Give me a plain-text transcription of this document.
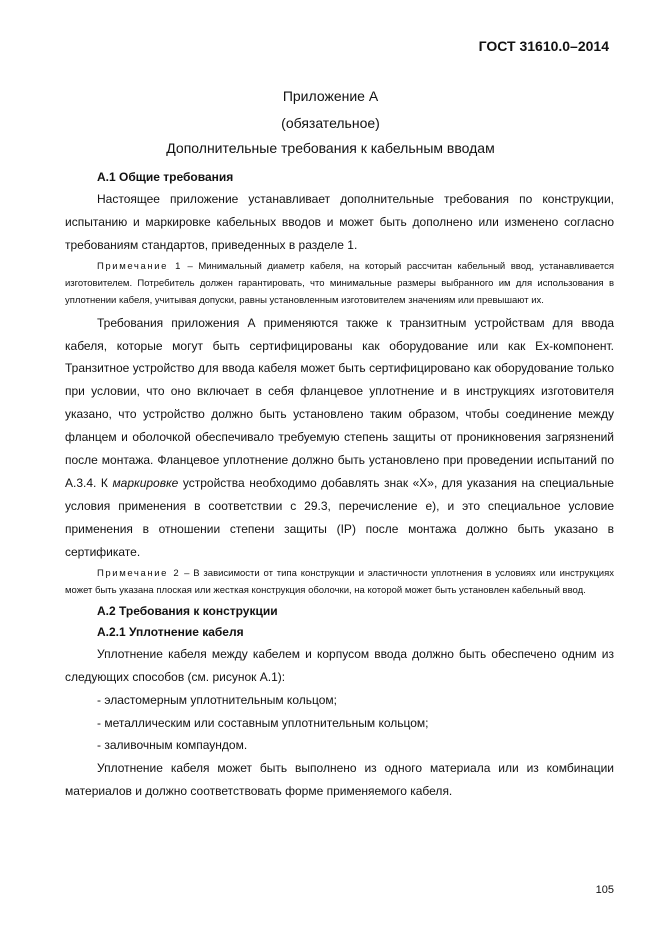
ГОСТ 31610.0–2014
Приложение А
(обязательное)
Дополнительные требования к кабельным вводам
А.1 Общие требования

Настоящее приложение устанавливает дополнительные требования по конструкции, испытанию и маркировке кабельных вводов и может быть дополнено или изменено согласно требованиям стандартов, приведенных в разделе 1.

Примечание 1 – Минимальный диаметр кабеля, на который рассчитан кабельный ввод, устанавливается изготовителем. Потребитель должен гарантировать, что минимальные размеры выбранного им для использования в уплотнении кабеля, учитывая допуски, равны установленным изготовителем значениям или превышают их.

Требования приложения А применяются также к транзитным устройствам для ввода кабеля, которые могут быть сертифицированы как оборудование или как Ex-компонент. Транзитное устройство для ввода кабеля может быть сертифицировано как оборудование только при условии, что оно включает в себя фланцевое уплотнение и в инструкциях изготовителя указано, что устройство должно быть установлено таким образом, чтобы соединение между фланцем и оболочкой обеспечивало требуемую степень защиты от проникновения загрязнений после монтажа. Фланцевое уплотнение должно быть установлено при проведении испытаний по А.3.4. К маркировке устройства необходимо добавлять знак «Х», для указания на специальные условия применения в соответствии с 29.3, перечисление е), и это специальное условие применения в отношении степени защиты (IP) после монтажа должно быть указано в сертификате.

Примечание 2 – В зависимости от типа конструкции и эластичности уплотнения в условиях или инструкциях может быть указана плоская или жесткая конструкция оболочки, на которой может быть установлен кабельный ввод.

А.2 Требования к конструкции
А.2.1 Уплотнение кабеля

Уплотнение кабеля между кабелем и корпусом ввода должно быть обеспечено одним из следующих способов (см. рисунок А.1):

- эластомерным уплотнительным кольцом;

- металлическим или составным уплотнительным кольцом;

- заливочным компаундом.

Уплотнение кабеля может быть выполнено из одного материала или из комбинации материалов и должно соответствовать форме применяемого кабеля.

105
